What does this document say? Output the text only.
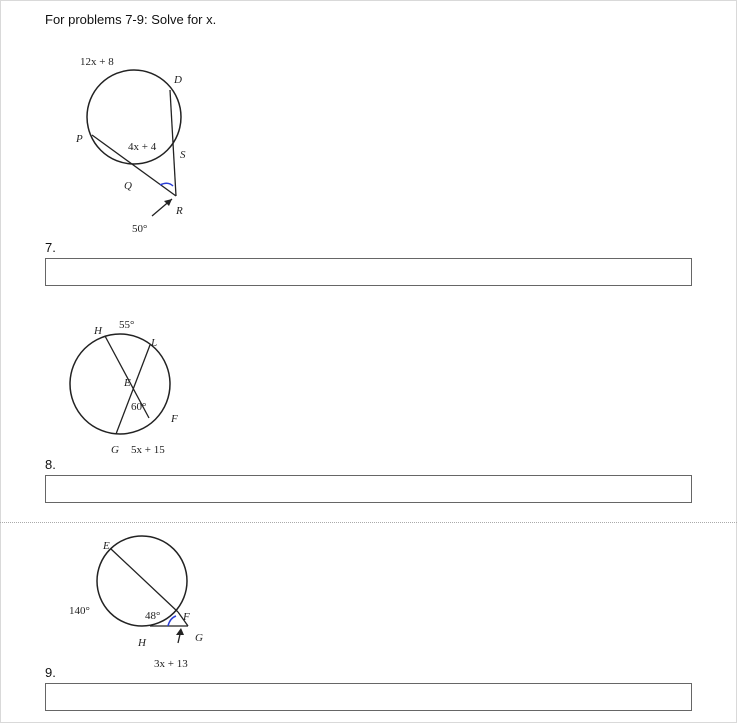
For problems 7-9: Solve for x.
12x + 8
4x + 4
50°
P
Q
D
S
R
55°
60°
5x + 15
H
L
E
F
G
140°	48°
3x + 13
E
F
G
H
7.
8.
9.
